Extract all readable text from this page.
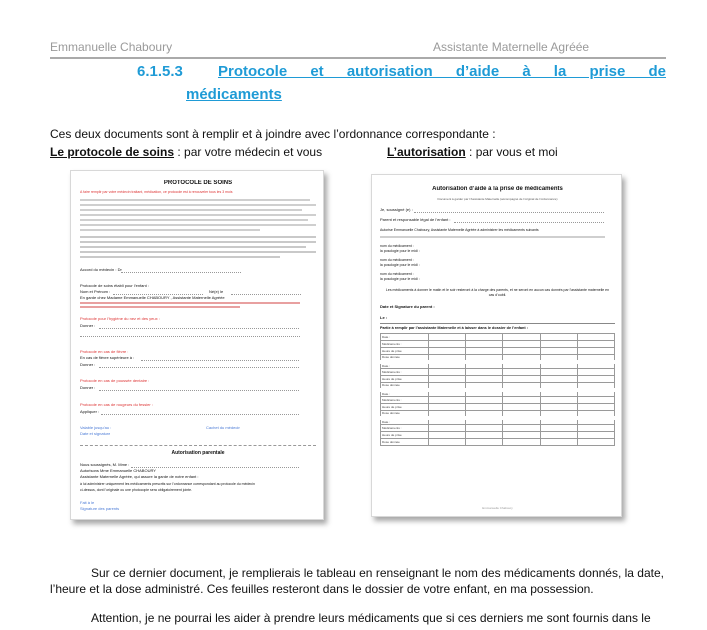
Emmanuelle Chaboury	Assistante Maternelle Agréée
6.1.5.3 Protocole et autorisation d’aide à la prise de
médicaments
Ces deux documents sont à remplir et à joindre avec l’ordonnance correspondante :
Le protocole de soins : par votre médecin et vous	L’autorisation : par vous et moi
PROTOCOLE DE SOINS
A faire remplir par votre médecin traitant, médication, ce protocole est à renouveler tous les 3 mois
Accord du médecin : Dr
Protocole de soins établi pour l’enfant :
Nom et Prénom :	Né(e) le
En garde chez Madame Emmanuelle CHABOURY , Assistante Maternelle Agréée
Protocole pour l’hygiène du nez et des yeux :
Donner :
Protocole en cas de fièvre :
En cas de fièvre supérieure à :
Donner :
Protocole en cas de poussée dentaire :
Donner :
Protocole en cas de rougeurs du fessier :
Appliquer :
Valable jusqu’au :
Date et signature
Cachet du médecin
Autorisation parentale
Nous soussignés, M. Mme :
Autorisons Mme Emmanuelle CHABOURY
Assistante Maternelle Agréée, qui assure la garde de notre enfant :
à lui administrer uniquement les médicaments prescrits sur l’ordonnance correspondant au protocole du médecin
ci-dessus, dont l’originale ou une photocopie sera obligatoirement jointe.
Fait à le
Signature des parents
Autorisation d’aide à la prise de médicaments
Document à garder par l’Assistante Maternelle (accompagné de l’original de l’ordonnance)
Je, soussigné (e) :
Parent et responsable légal de l’enfant :
Autorise Emmanuelle Chaboury, Assistante Maternelle Agréée à administrer les médicaments suivants
nom du médicament :
la posologie pour le midi :
nom du médicament :
la posologie pour le midi :
nom du médicament :
la posologie pour le midi :
Les médicaments à donner le matin et le soir resteront à la charge des parents, et ne seront en aucun cas donnés par l’assistante maternelle en cas d’oubli.
Date et Signature du parent :
Le :
Partie à remplir par l’assistante Maternelle et à laisser dans le dossier de l’enfant :
Date :					
Médicaments :					
Heure de prise					
Dose donnée					
Date :					
Médicaments :					
Heure de prise					
Dose donnée					
Date :					
Médicaments :					
Heure de prise					
Dose donnée					
Date :					
Médicaments :					
Heure de prise					
Dose donnée					
Emmanuelle Chaboury
Sur ce dernier document, je remplierais le tableau en renseignant le nom des médicaments donnés, la date,
l’heure et la dose administré. Ces feuilles resteront dans le dossier de votre enfant, en ma possession.
Attention, je ne pourrai les aider à prendre leurs médicaments que si ces derniers me sont fournis dans le
